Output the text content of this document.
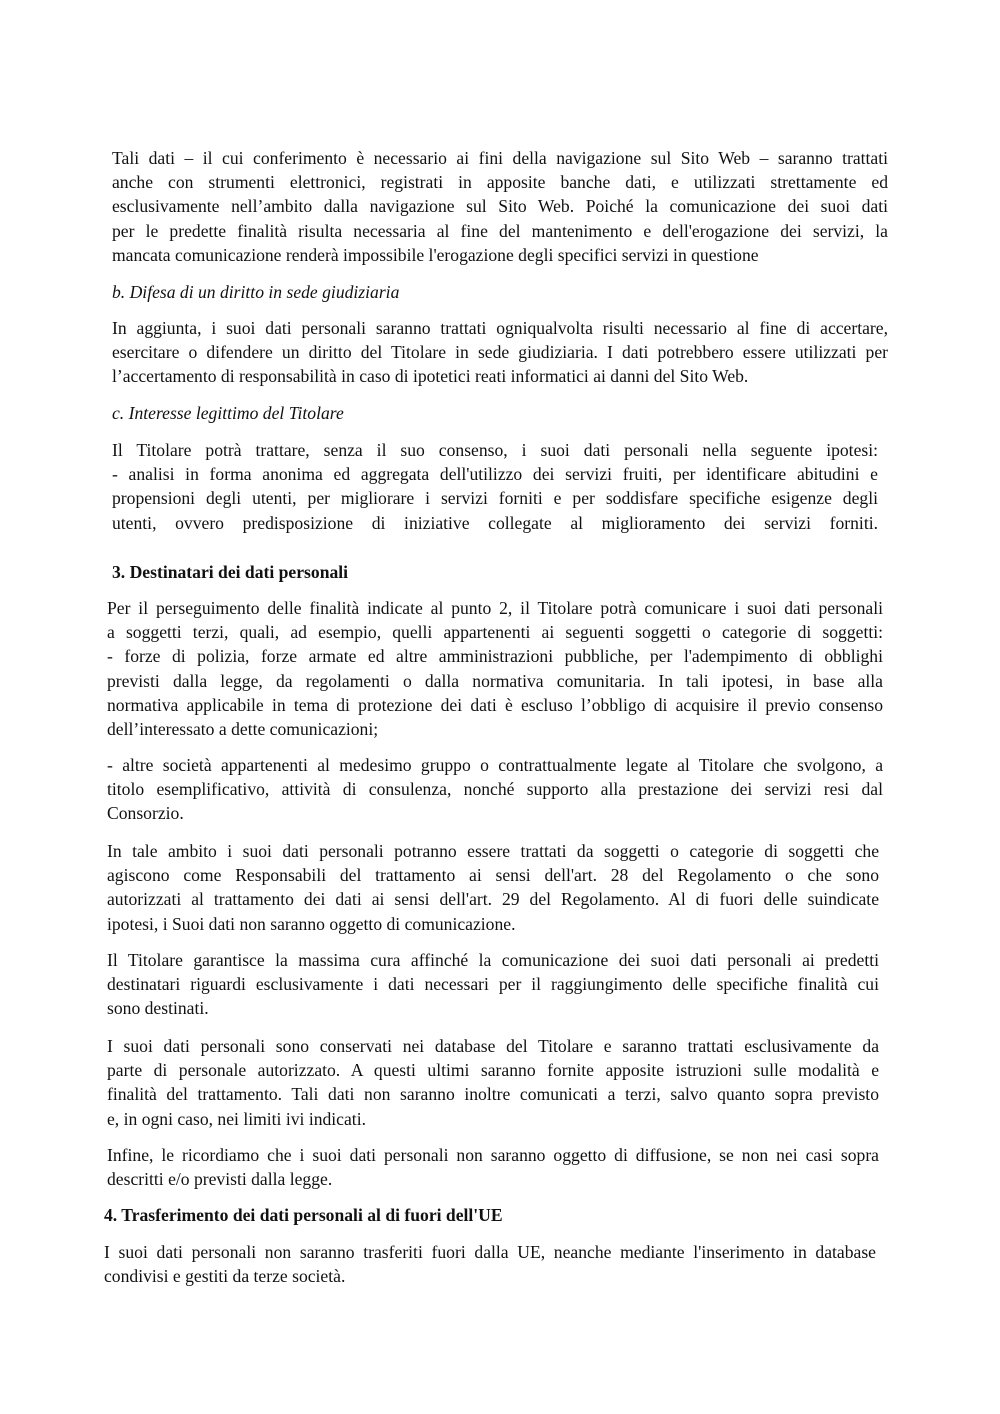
Tali dati – il cui conferimento è necessario ai fini della navigazione sul Sito Web – saranno trattati
anche con strumenti elettronici, registrati in apposite banche dati, e utilizzati strettamente ed
esclusivamente nell’ambito dalla navigazione sul Sito Web. Poiché la comunicazione dei suoi dati
per le predette finalità risulta necessaria al fine del mantenimento e dell'erogazione dei servizi, la
mancata comunicazione renderà impossibile l'erogazione degli specifici servizi in questione
b. Difesa di un diritto in sede giudiziaria
In aggiunta, i suoi dati personali saranno trattati ogniqualvolta risulti necessario al fine di accertare,
esercitare o difendere un diritto del Titolare in sede giudiziaria. I dati potrebbero essere utilizzati per
l’accertamento di responsabilità in caso di ipotetici reati informatici ai danni del Sito Web.
c. Interesse legittimo del Titolare
Il Titolare potrà trattare, senza il suo consenso, i suoi dati personali nella seguente ipotesi:
- analisi in forma anonima ed aggregata dell'utilizzo dei servizi fruiti, per identificare abitudini e
propensioni degli utenti, per migliorare i servizi forniti e per soddisfare specifiche esigenze degli
utenti, ovvero predisposizione di iniziative collegate al miglioramento dei servizi forniti.
3. Destinatari dei dati personali
Per il perseguimento delle finalità indicate al punto 2, il Titolare potrà comunicare i suoi dati personali
a soggetti terzi, quali, ad esempio, quelli appartenenti ai seguenti soggetti o categorie di soggetti:
- forze di polizia, forze armate ed altre amministrazioni pubbliche, per l'adempimento di obblighi
previsti dalla legge, da regolamenti o dalla normativa comunitaria. In tali ipotesi, in base alla
normativa applicabile in tema di protezione dei dati è escluso l’obbligo di acquisire il previo consenso
dell’interessato a dette comunicazioni;
- altre società appartenenti al medesimo gruppo o contrattualmente legate al Titolare che svolgono, a
titolo esemplificativo, attività di consulenza, nonché supporto alla prestazione dei servizi resi dal
Consorzio.
In tale ambito i suoi dati personali potranno essere trattati da soggetti o categorie di soggetti che
agiscono come Responsabili del trattamento ai sensi dell'art. 28 del Regolamento o che sono
autorizzati al trattamento dei dati ai sensi dell'art. 29 del Regolamento. Al di fuori delle suindicate
ipotesi, i Suoi dati non saranno oggetto di comunicazione.
Il Titolare garantisce la massima cura affinché la comunicazione dei suoi dati personali ai predetti
destinatari riguardi esclusivamente i dati necessari per il raggiungimento delle specifiche finalità cui
sono destinati.
I suoi dati personali sono conservati nei database del Titolare e saranno trattati esclusivamente da
parte di personale autorizzato. A questi ultimi saranno fornite apposite istruzioni sulle modalità e
finalità del trattamento. Tali dati non saranno inoltre comunicati a terzi, salvo quanto sopra previsto
e, in ogni caso, nei limiti ivi indicati.
Infine, le ricordiamo che i suoi dati personali non saranno oggetto di diffusione, se non nei casi sopra
descritti e/o previsti dalla legge.
4. Trasferimento dei dati personali al di fuori dell'UE
I suoi dati personali non saranno trasferiti fuori dalla UE, neanche mediante l'inserimento in database
condivisi e gestiti da terze società.
